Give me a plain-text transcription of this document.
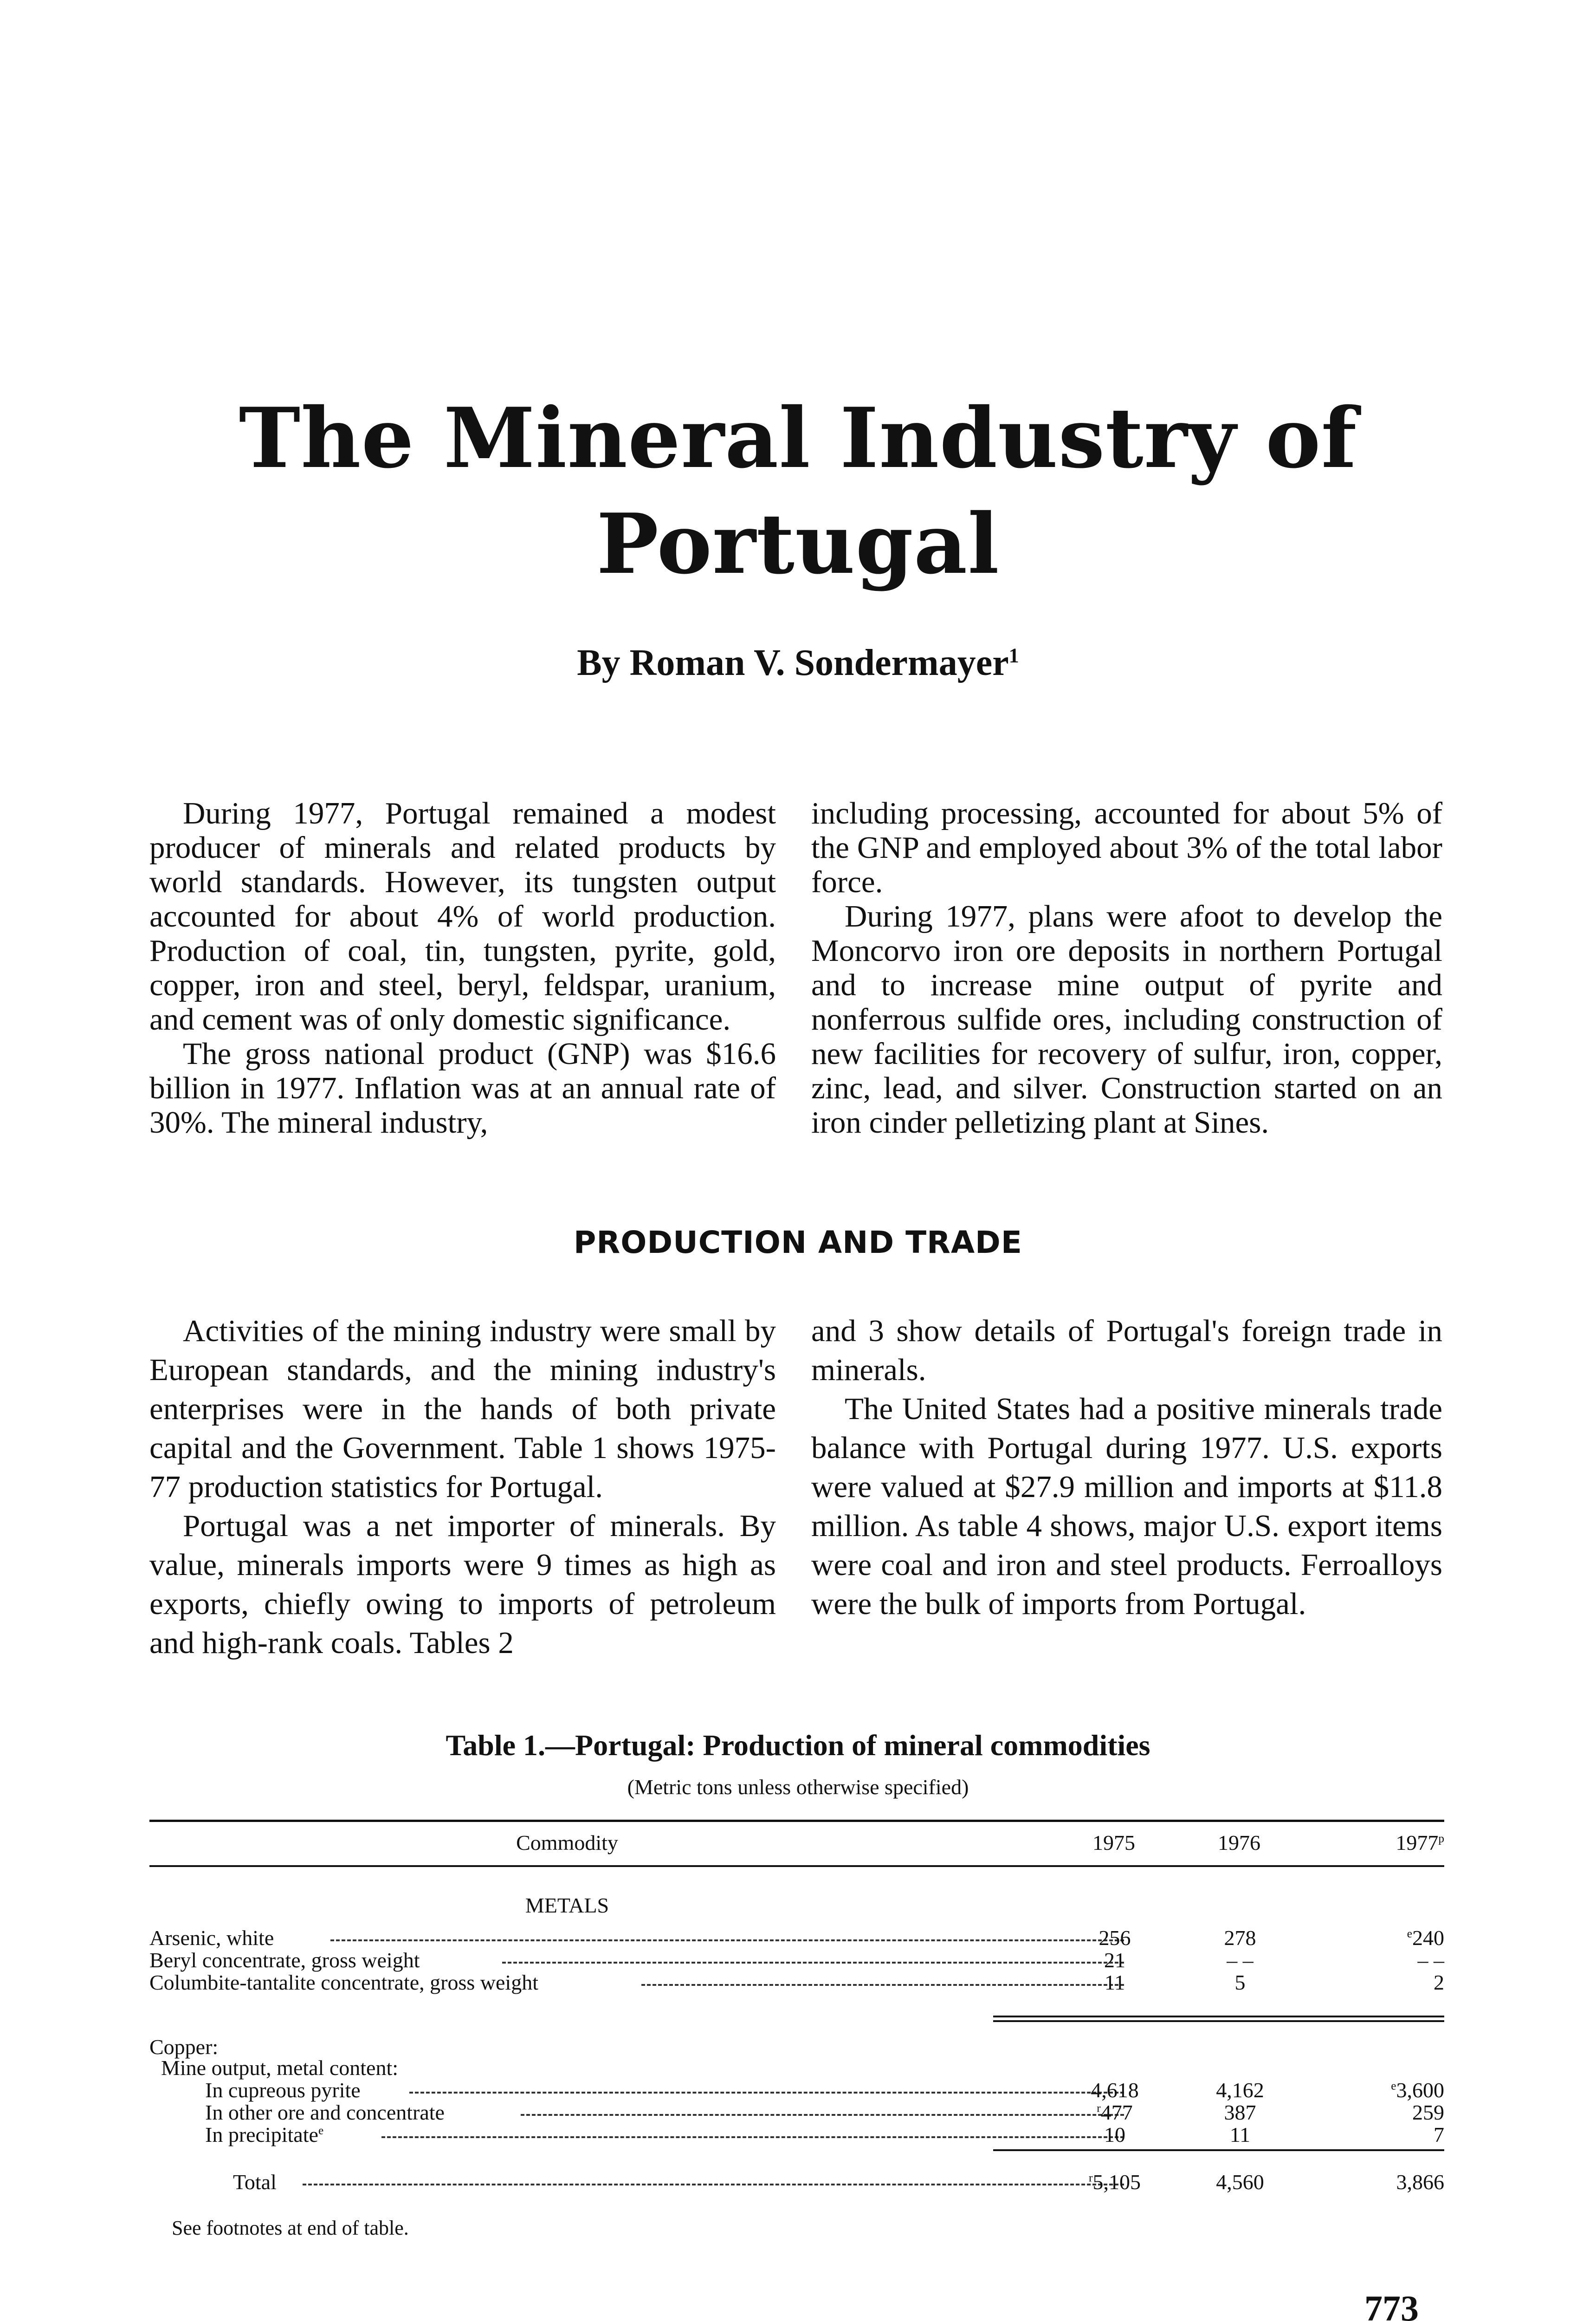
The Mineral Industry of
Portugal
By Roman V. Sondermayer$^1$

During 1977, Portugal remained a modest producer of minerals and related products by world standards. However, its tungsten output accounted for about 4% of world production. Production of coal, tin, tungsten, pyrite, gold, copper, iron and steel, beryl, feldspar, uranium, and cement was of only domestic significance.

The gross national product (GNP) was $16.6 billion in 1977. Inflation was at an annual rate of 30%. The mineral industry,

including processing, accounted for about 5% of the GNP and employed about 3% of the total labor force.

During 1977, plans were afoot to develop the Moncorvo iron ore deposits in northern Portugal and to increase mine output of pyrite and nonferrous sulfide ores, including construction of new facilities for recovery of sulfur, iron, copper, zinc, lead, and silver. Construction started on an iron cinder pelletizing plant at Sines.

PRODUCTION AND TRADE

Activities of the mining industry were small by European standards, and the mining industry's enterprises were in the hands of both private capital and the Government. Table 1 shows 1975-77 production statistics for Portugal.

Portugal was a net importer of minerals. By value, minerals imports were 9 times as high as exports, chiefly owing to imports of petroleum and high-rank coals. Tables 2

and 3 show details of Portugal's foreign trade in minerals.

The United States had a positive minerals trade balance with Portugal during 1977. U.S. exports were valued at $27.9 million and imports at $11.8 million. As table 4 shows, major U.S. export items were coal and iron and steel products. Ferroalloys were the bulk of imports from Portugal.

Table 1.—Portugal: Production of mineral commodities
(Metric tons unless otherwise specified)
Commodity	1975	1976	1977$^p$
METALS
Arsenic, white	256	278	$^e$240
Beryl concentrate, gross weight	21	– –	– –
Columbite-tantalite concentrate, gross weight	11	5	2
Copper:
Mine output, metal content:
In cupreous pyrite	4,618	4,162	$^e$3,600
In other ore and concentrate	$^r$477	387	259
In precipitate$^e$	10	11	7
Total	$^r$5,105	4,560	3,866
See footnotes at end of table.
773
